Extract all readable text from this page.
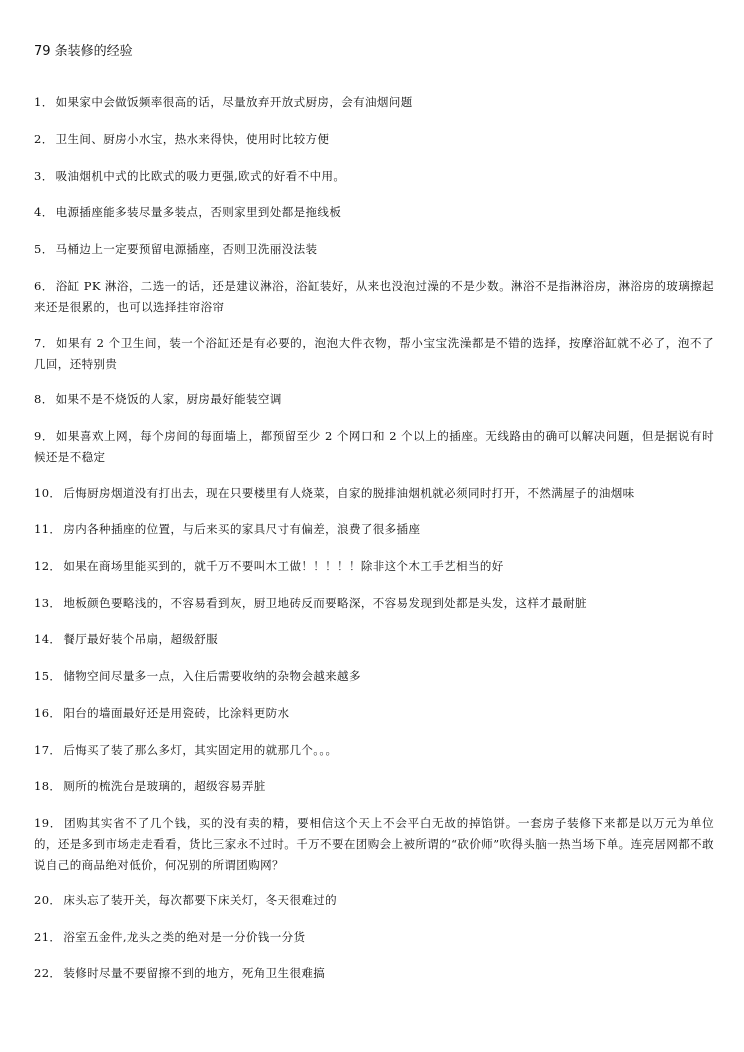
79 条装修的经验

1． 如果家中会做饭频率很高的话，尽量放弃开放式厨房，会有油烟问题

2． 卫生间、厨房小水宝，热水来得快，使用时比较方便

3． 吸油烟机中式的比欧式的吸力更强,欧式的好看不中用。

4． 电源插座能多装尽量多装点，否则家里到处都是拖线板

5． 马桶边上一定要预留电源插座，否则卫洗丽没法装

6． 浴缸 PK 淋浴，二选一的话，还是建议淋浴，浴缸装好，从来也没泡过澡的不是少数。淋浴不是指淋浴房，淋浴房的玻璃擦起来还是很累的，也可以选择挂帘浴帘

7． 如果有 2 个卫生间，装一个浴缸还是有必要的，泡泡大件衣物，帮小宝宝洗澡都是不错的选择，按摩浴缸就不必了，泡不了几回，还特别贵

8． 如果不是不烧饭的人家，厨房最好能装空调

9． 如果喜欢上网，每个房间的每面墙上，都预留至少 2 个网口和 2 个以上的插座。无线路由的确可以解决问题，但是据说有时候还是不稳定

10． 后悔厨房烟道没有打出去，现在只要楼里有人烧菜，自家的脱排油烟机就必须同时打开，不然满屋子的油烟味

11． 房内各种插座的位置，与后来买的家具尺寸有偏差，浪费了很多插座

12． 如果在商场里能买到的，就千万不要叫木工做！！！！！除非这个木工手艺相当的好

13． 地板颜色要略浅的，不容易看到灰，厨卫地砖反而要略深，不容易发现到处都是头发，这样才最耐脏

14． 餐厅最好装个吊扇，超级舒服

15． 储物空间尽量多一点，入住后需要收纳的杂物会越来越多

16． 阳台的墙面最好还是用瓷砖，比涂料更防水

17． 后悔买了装了那么多灯，其实固定用的就那几个。。。

18． 厕所的梳洗台是玻璃的，超级容易弄脏

19． 团购其实省不了几个钱，买的没有卖的精，要相信这个天上不会平白无故的掉馅饼。一套房子装修下来都是以万元为单位的，还是多到市场走走看看，货比三家永不过时。千万不要在团购会上被所谓的“砍价师”吹得头脑一热当场下单。连亮居网都不敢说自己的商品绝对低价，何况别的所谓团购网？

20． 床头忘了装开关，每次都要下床关灯，冬天很难过的

21． 浴室五金件,龙头之类的绝对是一分价钱一分货

22． 装修时尽量不要留擦不到的地方，死角卫生很难搞
